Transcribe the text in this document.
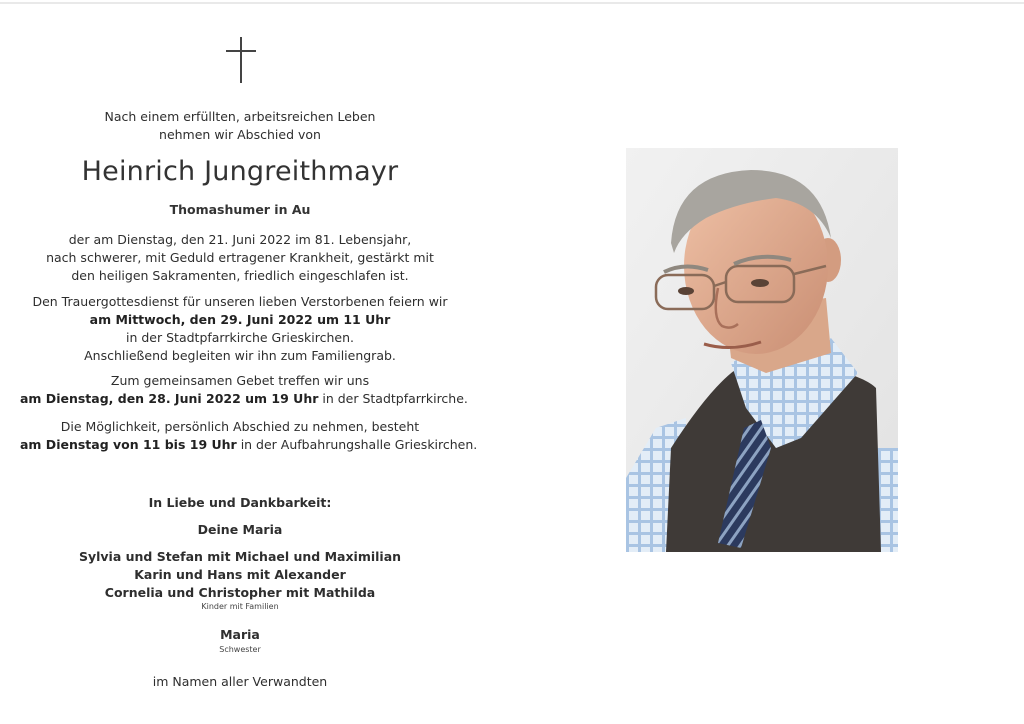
Nach einem erfüllten, arbeitsreichen Leben
nehmen wir Abschied von
Heinrich Jungreithmayr
Thomashumer in Au
der am Dienstag, den 21. Juni 2022 im 81. Lebensjahr,
nach schwerer, mit Geduld ertragener Krankheit, gestärkt mit
den heiligen Sakramenten, friedlich eingeschlafen ist.
Den Trauergottesdienst für unseren lieben Verstorbenen feiern wir
am Mittwoch, den 29. Juni 2022 um 11 Uhr
in der Stadtpfarrkirche Grieskirchen.
Anschließend begleiten wir ihn zum Familiengrab.
Zum gemeinsamen Gebet treffen wir uns
am Dienstag, den 28. Juni 2022 um 19 Uhr in der Stadtpfarrkirche.
Die Möglichkeit, persönlich Abschied zu nehmen, besteht
am Dienstag von 11 bis 19 Uhr in der Aufbahrungshalle Grieskirchen.
In Liebe und Dankbarkeit:
Deine Maria
Sylvia und Stefan mit Michael und Maximilian
Karin und Hans mit Alexander
Cornelia und Christopher mit Mathilda
Kinder mit Familien
Maria
Schwester
im Namen aller Verwandten
